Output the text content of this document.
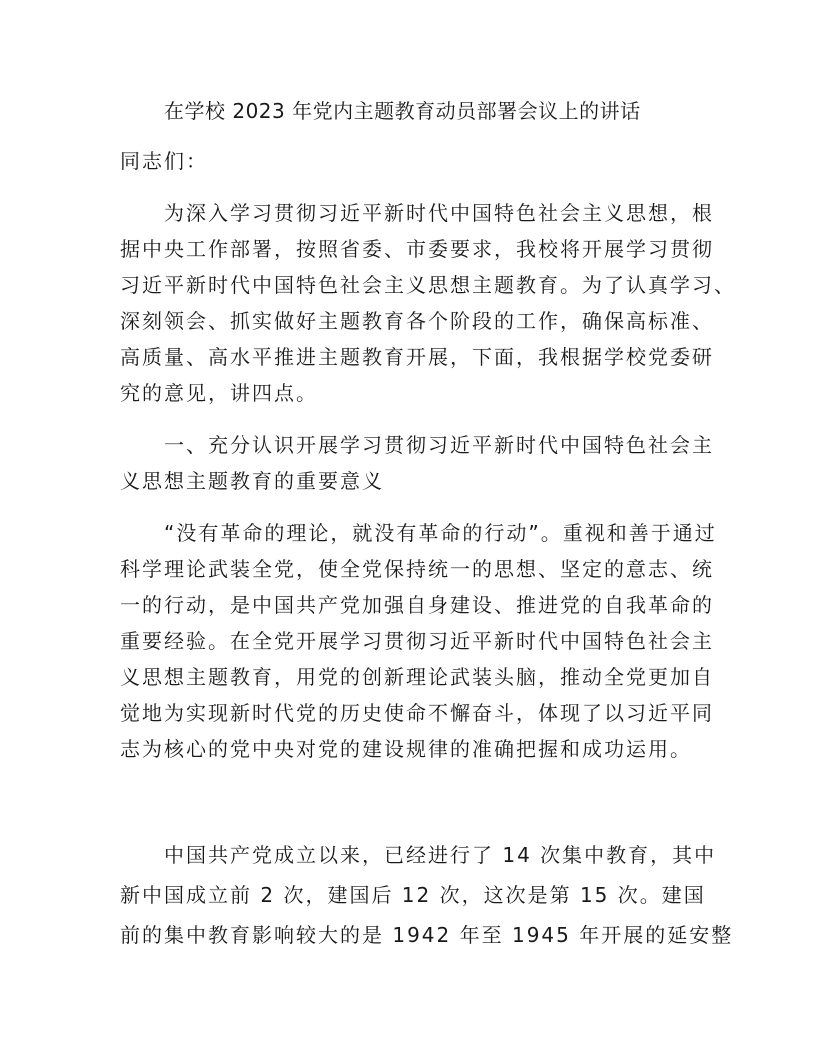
在学校 2023 年党内主题教育动员部署会议上的讲话
同志们：
为深入学习贯彻习近平新时代中国特色社会主义思想，根
据中央工作部署，按照省委、市委要求，我校将开展学习贯彻
习近平新时代中国特色社会主义思想主题教育。为了认真学习、
深刻领会、抓实做好主题教育各个阶段的工作，确保高标准、
高质量、高水平推进主题教育开展，下面，我根据学校党委研
究的意见，讲四点。
一、充分认识开展学习贯彻习近平新时代中国特色社会主
义思想主题教育的重要意义
“没有革命的理论，就没有革命的行动”。重视和善于通过
科学理论武装全党，使全党保持统一的思想、坚定的意志、统
一的行动，是中国共产党加强自身建设、推进党的自我革命的
重要经验。在全党开展学习贯彻习近平新时代中国特色社会主
义思想主题教育，用党的创新理论武装头脑，推动全党更加自
觉地为实现新时代党的历史使命不懈奋斗，体现了以习近平同
志为核心的党中央对党的建设规律的准确把握和成功运用。
中国共产党成立以来，已经进行了 14 次集中教育，其中
新中国成立前 2 次，建国后 12 次，这次是第 15 次。建国
前的集中教育影响较大的是 1942 年至 1945 年开展的延安整
